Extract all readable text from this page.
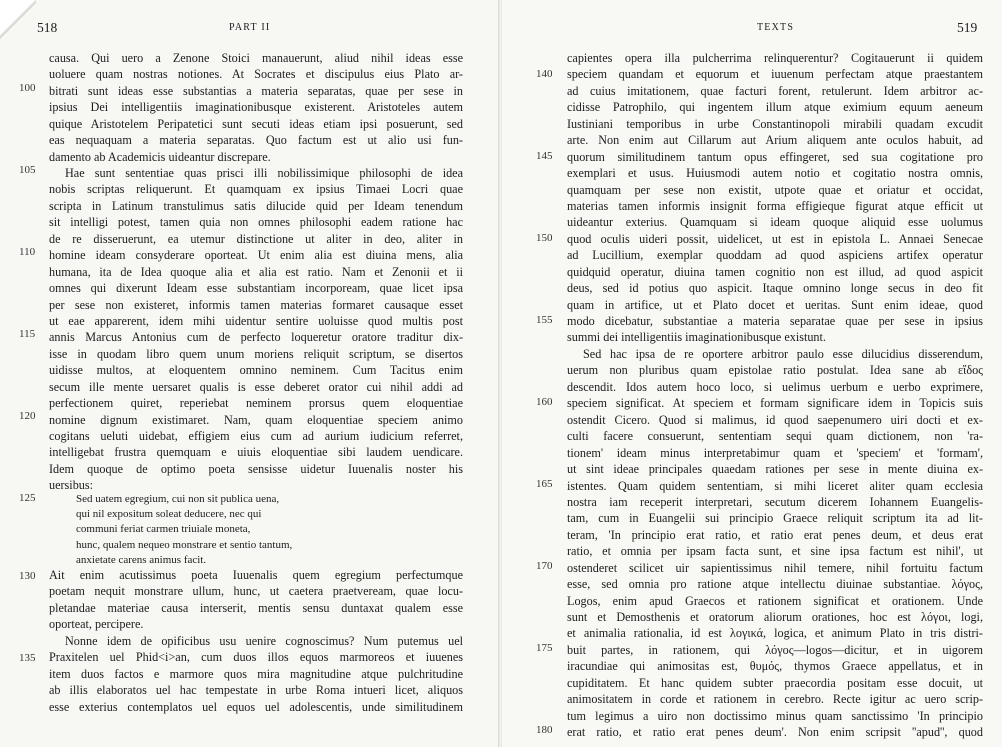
518	PART II
100
105
110
115
120
125
130
135
causa. Qui uero a Zenone Stoici manauerunt, aliud nihil ideas esse
uoluere quam nostras notiones. At Socrates et discipulus eius Plato ar-
bitrati sunt ideas esse substantias a materia separatas, quae per sese in
ipsius Dei intelligentiis imaginationibusque existerent. Aristoteles autem
quique Aristotelem Peripatetici sunt secuti ideas etiam ipsi posuerunt, sed
eas nequaquam a materia separatas. Quo factum est ut alio usi fun-
damento ab Academicis uideantur discrepare.
Hae sunt sententiae quas prisci illi nobilissimique philosophi de idea
nobis scriptas reliquerunt. Et quamquam ex ipsius Timaei Locri quae
scripta in Latinum transtulimus satis dilucide quid per Ideam tenendum
sit intelligi potest, tamen quia non omnes philosophi eadem ratione hac
de re disseruerunt, ea utemur distinctione ut aliter in deo, aliter in
homine ideam consyderare oporteat. Ut enim alia est diuina mens, alia
humana, ita de Idea quoque alia et alia est ratio. Nam et Zenonii et ii
omnes qui dixerunt Ideam esse substantiam incorpoream, quae licet ipsa
per sese non existeret, informis tamen materias formaret causaque esset
ut eae apparerent, idem mihi uidentur sentire uoluisse quod multis post
annis Marcus Antonius cum de perfecto loqueretur oratore traditur dix-
isse in quodam libro quem unum moriens reliquit scriptum, se disertos
uidisse multos, at eloquentem omnino neminem. Cum Tacitus enim
secum ille mente uersaret qualis is esse deberet orator cui nihil addi ad
perfectionem quiret, reperiebat neminem prorsus quem eloquentiae
nomine dignum existimaret. Nam, quam eloquentiae speciem animo
cogitans ueluti uidebat, effigiem eius cum ad aurium iudicium referret,
intelligebat frustra quemquam e uiuis eloquentiae sibi laudem uendicare.
Idem quoque de optimo poeta sensisse uidetur Iuuenalis noster his
uersibus:
Sed uatem egregium, cui non sit publica uena,
qui nil expositum soleat deducere, nec qui
communi feriat carmen triuiale moneta,
hunc, qualem nequeo monstrare et sentio tantum,
anxietate carens animus facit.
Ait enim acutissimus poeta Iuuenalis quem egregium perfectumque
poetam nequit monstrare ullum, hunc, ut caetera praetveream, quae locu-
pletandae materiae causa interserit, mentis sensu duntaxat qualem esse
oporteat, percipere.
Nonne idem de opificibus usu uenire cognoscimus? Num putemus uel
Praxitelen uel Phid<i>an, cum duos illos equos marmoreos et iuuenes
item duos factos e marmore quos mira magnitudine atque pulchritudine
ab illis elaboratos uel hac tempestate in urbe Roma intueri licet, aliquos
esse exterius contemplatos uel equos uel adolescentis, unde similitudinem
519
TEXTS
140
145
150
155
160
165
170
175
180
capientes opera illa pulcherrima relinquerentur? Cogitauerunt ii quidem
speciem quandam et equorum et iuuenum perfectam atque praestantem
ad cuius imitationem, quae facturi forent, retulerunt. Idem arbitror ac-
cidisse Patrophilo, qui ingentem illum atque eximium equum aeneum
Iustiniani temporibus in urbe Constantinopoli mirabili quadam excudit
arte. Non enim aut Cillarum aut Arium aliquem ante oculos habuit, ad
quorum similitudinem tantum opus effingeret, sed sua cogitatione pro
exemplari et usus. Huiusmodi autem notio et cogitatio nostra omnis,
quamquam per sese non existit, utpote quae et oriatur et occidat,
materias tamen informis insignit forma effigieque figurat atque efficit ut
uideantur exterius. Quamquam si ideam quoque aliquid esse uolumus
quod oculis uideri possit, uidelicet, ut est in epistola L. Annaei Senecae
ad Lucillium, exemplar quoddam ad quod aspiciens artifex operatur
quidquid operatur, diuina tamen cognitio non est illud, ad quod aspicit
deus, sed id potius quo aspicit. Itaque omnino longe secus in deo fit
quam in artifice, ut et Plato docet et ueritas. Sunt enim ideae, quod
modo dicebatur, substantiae a materia separatae quae per sese in ipsius
summi dei intelligentiis imaginationibusque existunt.
Sed hac ipsa de re oportere arbitror paulo esse dilucidius disserendum,
uerum non pluribus quam epistolae ratio postulat. Idea sane ab εἴδος
descendit. Idos autem hoco loco, si uelimus uerbum e uerbo exprimere,
speciem significat. At speciem et formam significare idem in Topicis suis
ostendit Cicero. Quod si malimus, id quod saepenumero uiri docti et ex-
culti facere consuerunt, sententiam sequi quam dictionem, non 'ra-
tionem' ideam minus interpretabimur quam et 'speciem' et 'formam',
ut sint ideae principales quaedam rationes per sese in mente diuina ex-
istentes. Quam quidem sententiam, si mihi liceret aliter quam ecclesia
nostra iam receperit interpretari, secutum dicerem Iohannem Euangelis-
tam, cum in Euangelii sui principio Graece reliquit scriptum ita ad lit-
teram, 'In principio erat ratio, et ratio erat penes deum, et deus erat
ratio, et omnia per ipsam facta sunt, et sine ipsa factum est nihil', ut
ostenderet scilicet uir sapientissimus nihil temere, nihil fortuitu factum
esse, sed omnia pro ratione atque intellectu diuinae substantiae. λόγος,
Logos, enim apud Graecos et rationem significat et orationem. Unde
sunt et Demosthenis et oratorum aliorum orationes, hoc est λόγοι, logi,
et animalia rationalia, id est λογικά, logica, et animum Plato in tris distri-
buit partes, in rationem, qui λόγος—logos—dicitur, et in uigorem
iracundiae qui animositas est, θυμός, thymos Graece appellatus, et in
cupiditatem. Et hanc quidem subter praecordia positam esse docuit, ut
animositatem in corde et rationem in cerebro. Recte igitur ac uero scrip-
tum legimus a uiro non doctissimo minus quam sanctissimo 'In principio
erat ratio, et ratio erat penes deum'. Non enim scripsit ''apud'', quod
